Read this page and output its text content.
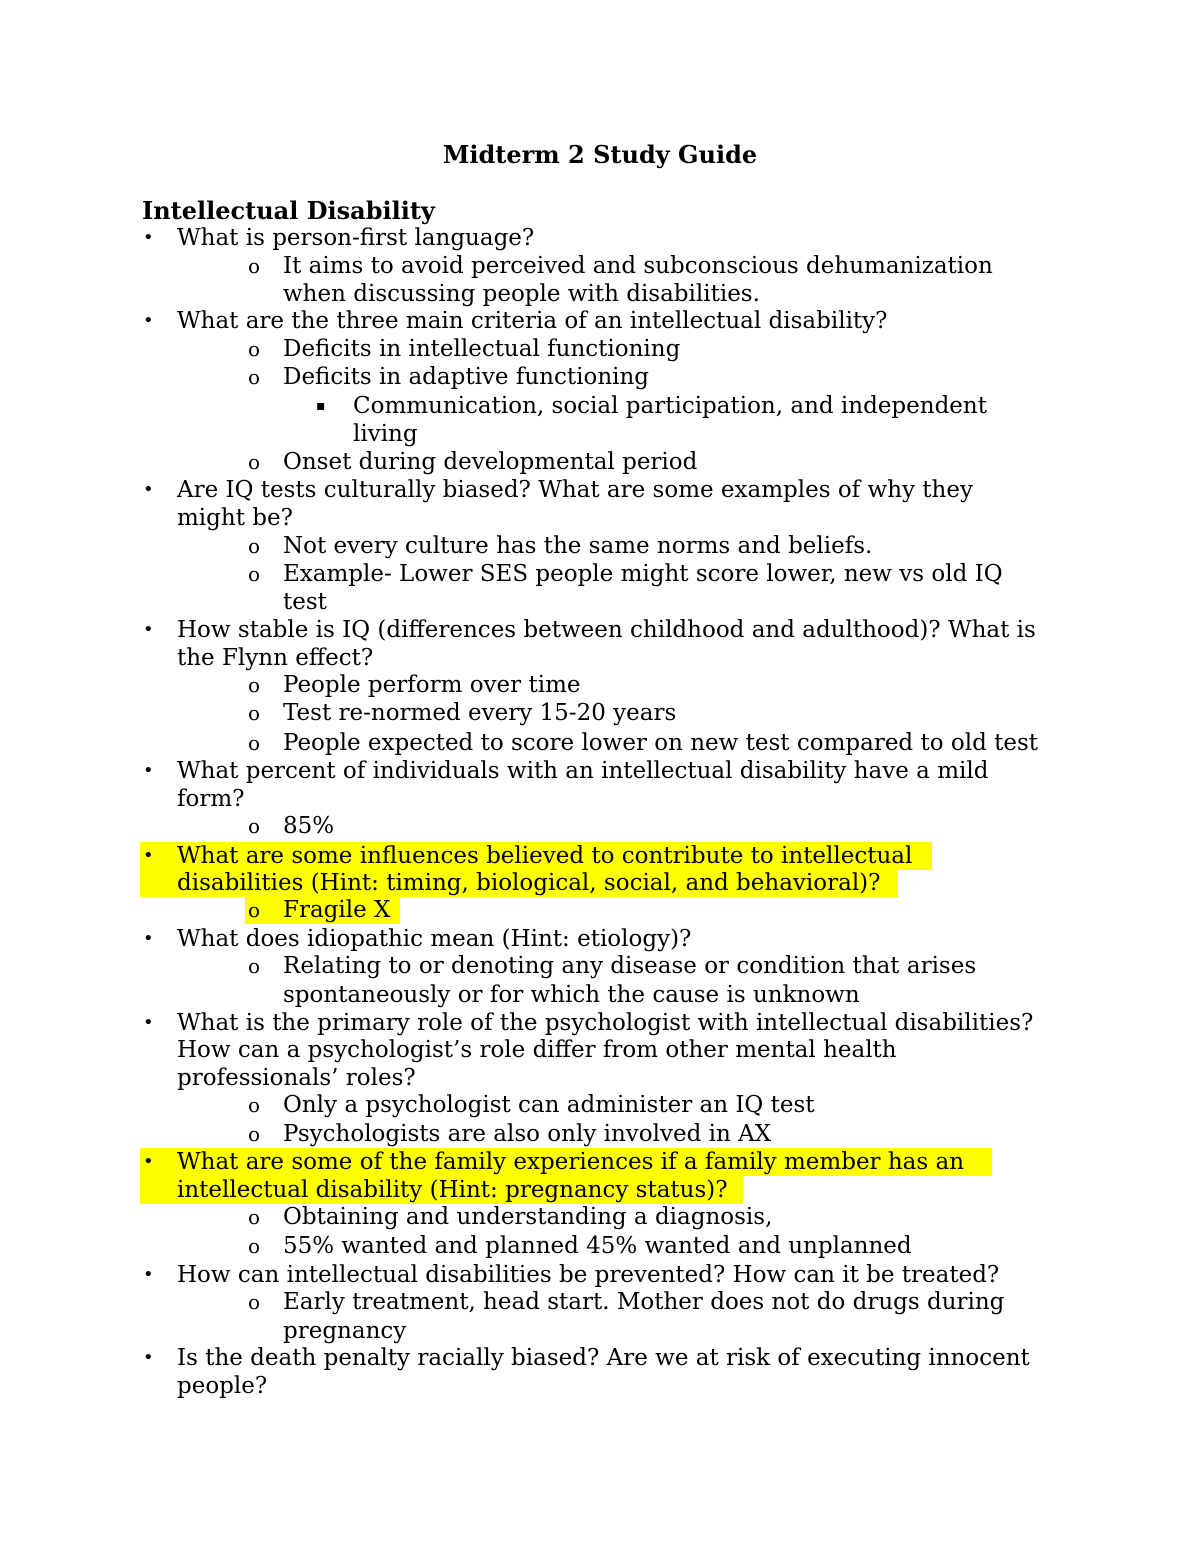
Midterm 2 Study Guide
Intellectual Disability
• What is person-first language?
o It aims to avoid perceived and subconscious dehumanization
when discussing people with disabilities.
• What are the three main criteria of an intellectual disability?
o Deficits in intellectual functioning
o Deficits in adaptive functioning
▪ Communication, social participation, and independent
living
o Onset during developmental period
• Are IQ tests culturally biased? What are some examples of why they
might be?
o Not every culture has the same norms and beliefs.
o Example- Lower SES people might score lower, new vs old IQ
test
• How stable is IQ (differences between childhood and adulthood)? What is
the Flynn effect?
o People perform over time
o Test re-normed every 15-20 years
o People expected to score lower on new test compared to old test
• What percent of individuals with an intellectual disability have a mild
form?
o 85%
• What are some influences believed to contribute to intellectual
disabilities (Hint: timing, biological, social, and behavioral)?
o Fragile X
• What does idiopathic mean (Hint: etiology)?
o Relating to or denoting any disease or condition that arises
spontaneously or for which the cause is unknown
• What is the primary role of the psychologist with intellectual disabilities?
How can a psychologist’s role differ from other mental health
professionals’ roles?
o Only a psychologist can administer an IQ test
o Psychologists are also only involved in AX
• What are some of the family experiences if a family member has an
intellectual disability (Hint: pregnancy status)?
o Obtaining and understanding a diagnosis,
o 55% wanted and planned 45% wanted and unplanned
• How can intellectual disabilities be prevented? How can it be treated?
o Early treatment, head start. Mother does not do drugs during
pregnancy
• Is the death penalty racially biased? Are we at risk of executing innocent
people?
